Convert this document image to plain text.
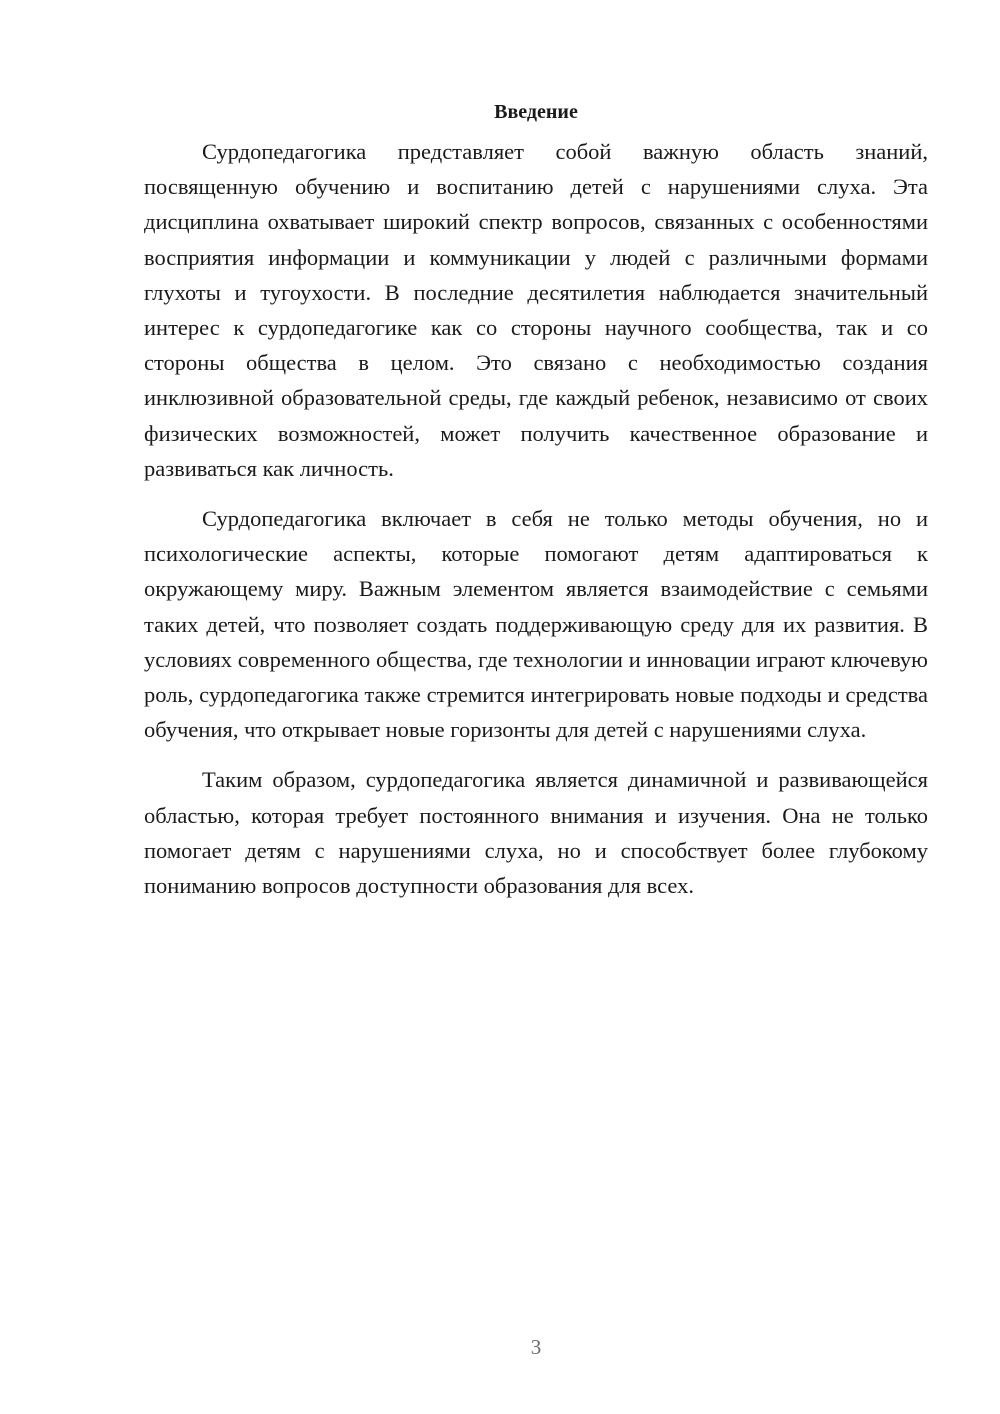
Введение

Сурдопедагогика представляет собой важную область знаний, посвященную обучению и воспитанию детей с нарушениями слуха. Эта дисциплина охватывает широкий спектр вопросов, связанных с особенностями восприятия информации и коммуникации у людей с различными формами глухоты и тугоухости. В последние десятилетия наблюдается значительный интерес к сурдопедагогике как со стороны научного сообщества, так и со стороны общества в целом. Это связано с необходимостью создания инклюзивной образовательной среды, где каждый ребенок, независимо от своих физических возможностей, может получить качественное образование и развиваться как личность.

Сурдопедагогика включает в себя не только методы обучения, но и психологические аспекты, которые помогают детям адаптироваться к окружающему миру. Важным элементом является взаимодействие с семьями таких детей, что позволяет создать поддерживающую среду для их развития. В условиях современного общества, где технологии и инновации играют ключевую роль, сурдопедагогика также стремится интегрировать новые подходы и средства обучения, что открывает новые горизонты для детей с нарушениями слуха.

Таким образом, сурдопедагогика является динамичной и развивающейся областью, которая требует постоянного внимания и изучения. Она не только помогает детям с нарушениями слуха, но и способствует более глубокому пониманию вопросов доступности образования для всех.

3
